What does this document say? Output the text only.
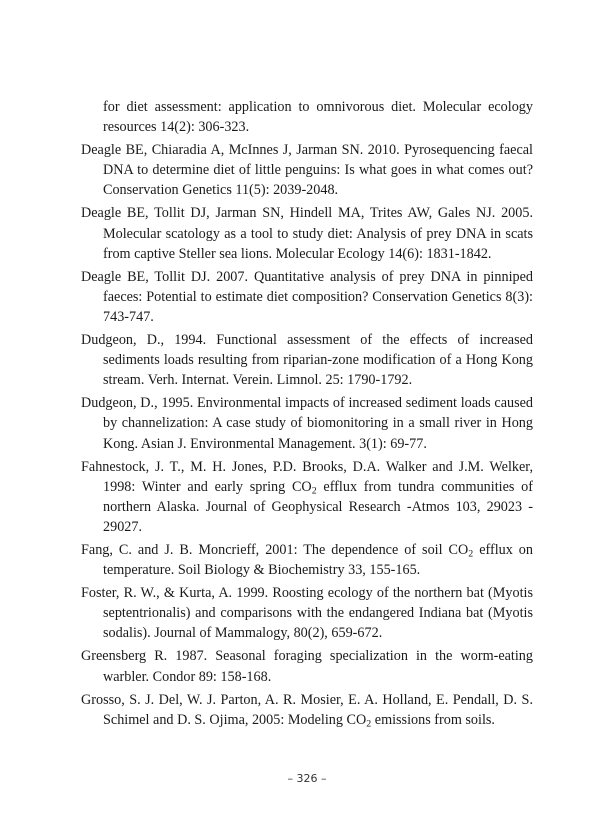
for diet assessment: application to omnivorous diet. Molecular ecology resources 14(2): 306-323.

Deagle BE, Chiaradia A, McInnes J, Jarman SN. 2010. Pyrosequencing faecal DNA to determine diet of little penguins: Is what goes in what comes out? Conservation Genetics 11(5): 2039-2048.

Deagle BE, Tollit DJ, Jarman SN, Hindell MA, Trites AW, Gales NJ. 2005. Molecular scatology as a tool to study diet: Analysis of prey DNA in scats from captive Steller sea lions. Molecular Ecology 14(6): 1831-1842.

Deagle BE, Tollit DJ. 2007. Quantitative analysis of prey DNA in pinniped faeces: Potential to estimate diet composition? Conservation Genetics 8(3): 743-747.

Dudgeon, D., 1994. Functional assessment of the effects of increased sediments loads resulting from riparian-zone modification of a Hong Kong stream. Verh. Internat. Verein. Limnol. 25: 1790-1792.

Dudgeon, D., 1995. Environmental impacts of increased sediment loads caused by channelization: A case study of biomonitoring in a small river in Hong Kong. Asian J. Environmental Management. 3(1): 69-77.

Fahnestock, J. T., M. H. Jones, P.D. Brooks, D.A. Walker and J.M. Welker, 1998: Winter and early spring $CO_2$ efflux from tundra communities of northern Alaska. Journal of Geophysical Research -Atmos 103, 29023 - 29027.

Fang, C. and J. B. Moncrieff, 2001: The dependence of soil $CO_2$ efflux on temperature. Soil Biology & Biochemistry 33, 155-165.

Foster, R. W., & Kurta, A. 1999. Roosting ecology of the northern bat (Myotis septentrionalis) and comparisons with the endangered Indiana bat (Myotis sodalis). Journal of Mammalogy, 80(2), 659-672.

Greensberg R. 1987. Seasonal foraging specialization in the worm-eating warbler. Condor 89: 158-168.

Grosso, S. J. Del, W. J. Parton, A. R. Mosier, E. A. Holland, E. Pendall, D. S. Schimel and D. S. Ojima, 2005: Modeling $CO_2$ emissions from soils.

– 326 –
